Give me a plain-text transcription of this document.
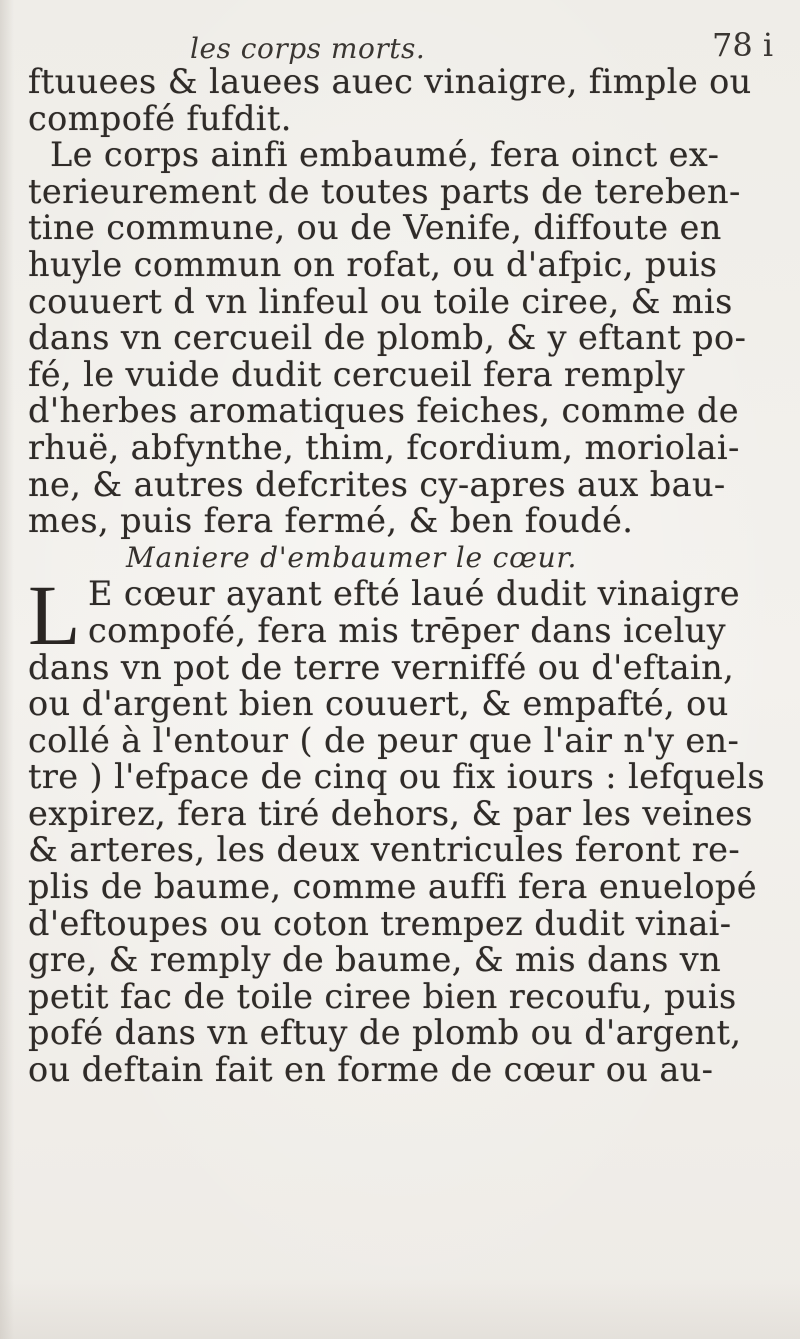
les corps morts.	78 i
ftuuees & lauees auec vinaigre, fimple ou
compofé fufdit.
Le corps ainfi embaumé, fera oinct ex-
terieurement de toutes parts de tereben-
tine commune, ou de Venife, diffoute en
huyle commun on rofat, ou d'afpic, puis
couuert d vn linfeul ou toile ciree, & mis
dans vn cercueil de plomb, & y eftant po-
fé, le vuide dudit cercueil fera remply
d'herbes aromatiques feiches, comme de
rhuë, abfynthe, thim, fcordium, moriolai-
ne, & autres defcrites cy-apres aux bau-
mes, puis fera fermé, & ben foudé.
Maniere d'embaumer le cœur.
L E cœur ayant efté laué dudit vinaigre
compofé, fera mis trēper dans iceluy
dans vn pot de terre verniffé ou d'eftain,
ou d'argent bien couuert, & empafté, ou
collé à l'entour ( de peur que l'air n'y en-
tre ) l'efpace de cinq ou fix iours : lefquels
expirez, fera tiré dehors, & par les veines
& arteres, les deux ventricules feront re-
plis de baume, comme auffi fera enuelopé
d'eftoupes ou coton trempez dudit vinai-
gre, & remply de baume, & mis dans vn
petit fac de toile ciree bien recoufu, puis
pofé dans vn eftuy de plomb ou d'argent,
ou deftain fait en forme de cœur ou au-
